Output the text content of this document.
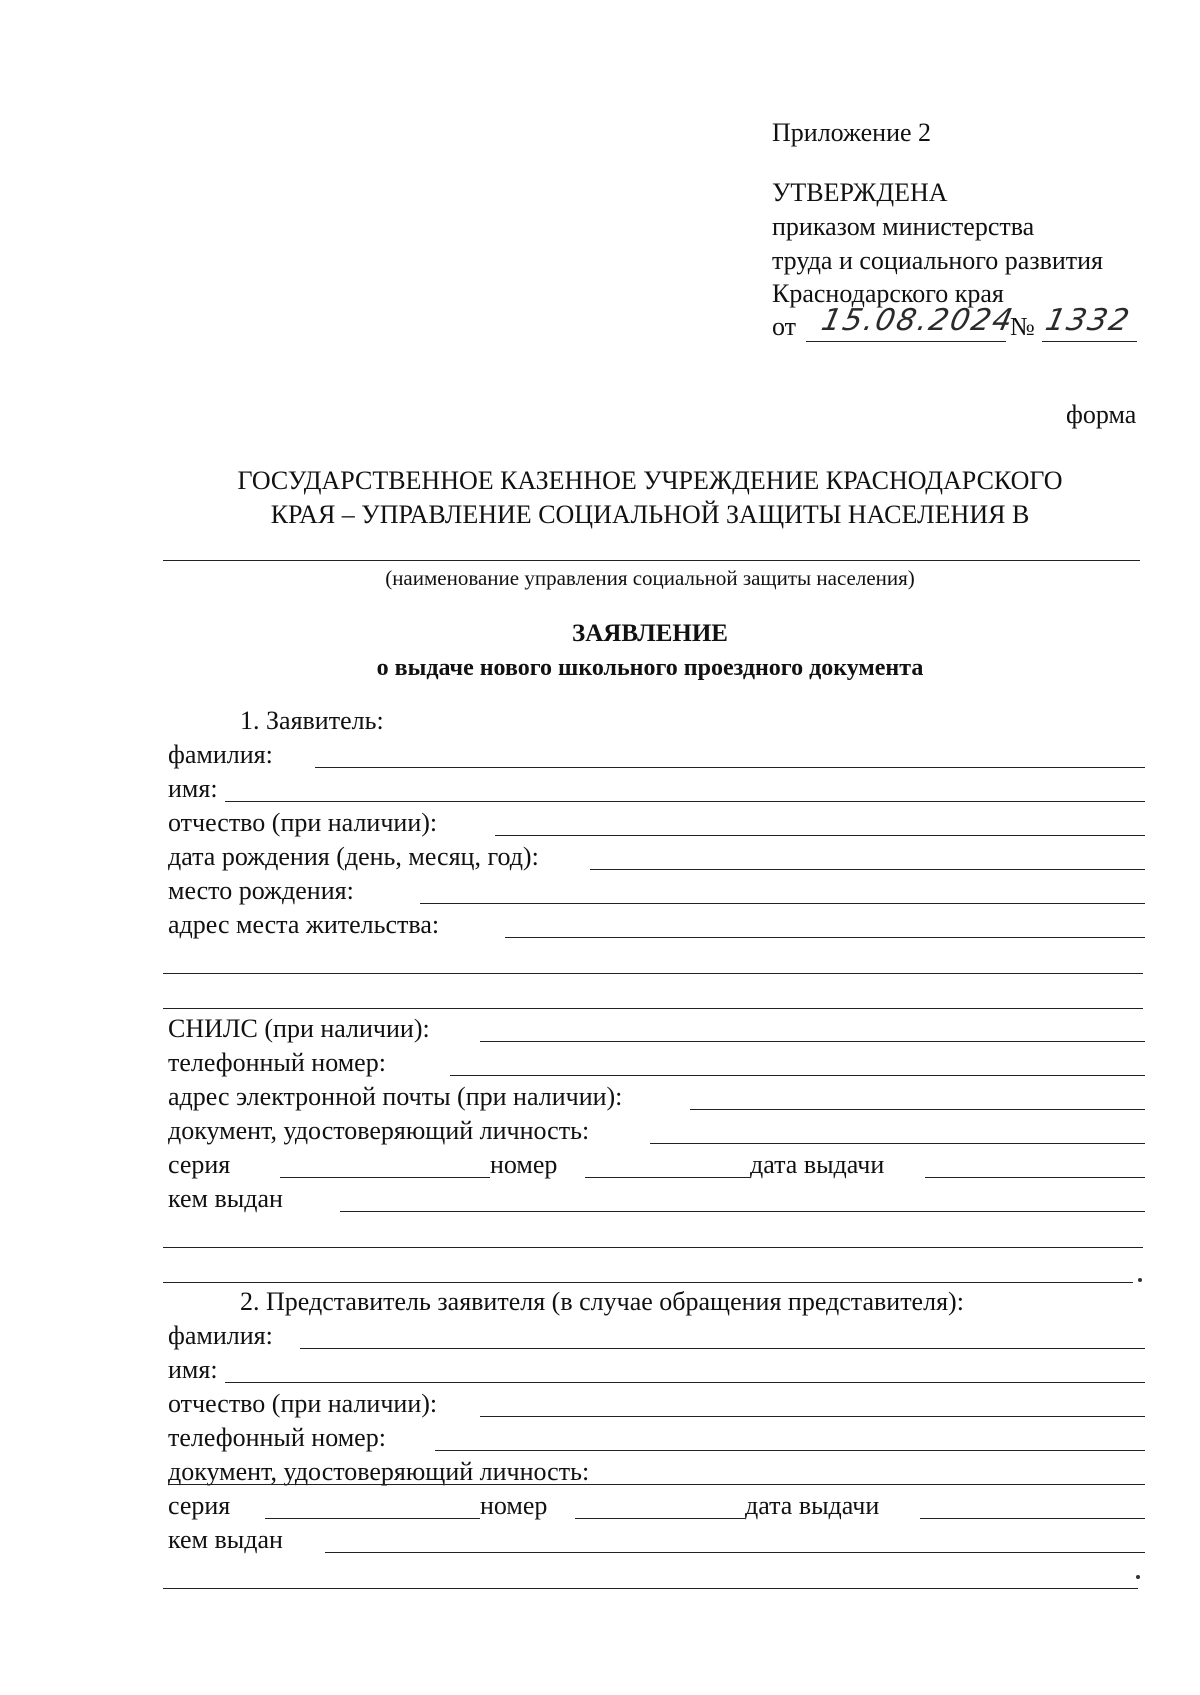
Приложение 2
УТВЕРЖДЕНА
приказом министерства
труда и социального развития
Краснодарского края
от 15.08.2024
№ 1332
форма
ГОСУДАРСТВЕННОЕ КАЗЕННОЕ УЧРЕЖДЕНИЕ КРАСНОДАРСКОГО
КРАЯ – УПРАВЛЕНИЕ СОЦИАЛЬНОЙ ЗАЩИТЫ НАСЕЛЕНИЯ В
(наименование управления социальной защиты населения)
ЗАЯВЛЕНИЕ
о выдаче нового школьного проездного документа
1. Заявитель:
фамилия:
имя:
отчество (при наличии):
дата рождения (день, месяц, год):
место рождения:
адрес места жительства:
СНИЛС (при наличии):
телефонный номер:
адрес электронной почты (при наличии):
документ, удостоверяющий личность:
серия	номер	дата выдачи
кем выдан
2. Представитель заявителя (в случае обращения представителя):
фамилия:
имя:
отчество (при наличии):
телефонный номер:
документ, удостоверяющий личность:
серия	номер	дата выдачи
кем выдан
